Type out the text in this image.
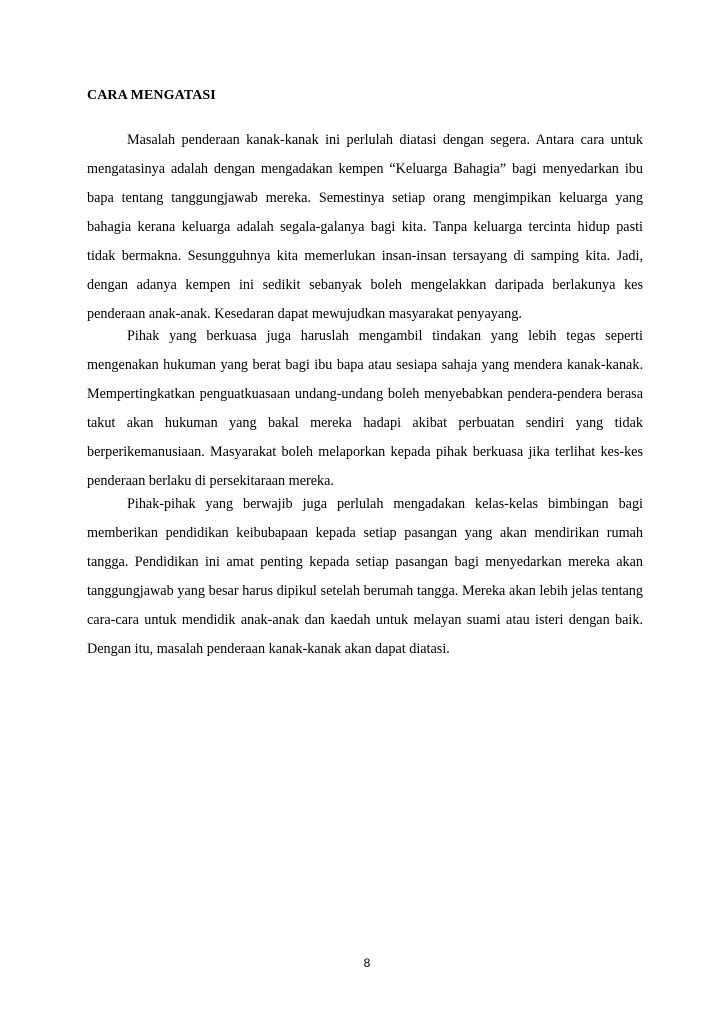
CARA MENGATASI

Masalah penderaan kanak-kanak ini perlulah diatasi dengan segera. Antara cara untuk mengatasinya adalah dengan mengadakan kempen “Keluarga Bahagia” bagi menyedarkan ibu bapa tentang tanggungjawab mereka. Semestinya setiap orang mengimpikan keluarga yang bahagia kerana keluarga adalah segala-galanya bagi kita. Tanpa keluarga tercinta hidup pasti tidak bermakna. Sesungguhnya kita memerlukan insan-insan tersayang di samping kita. Jadi, dengan adanya kempen ini sedikit sebanyak boleh mengelakkan daripada berlakunya kes penderaan anak-anak. Kesedaran dapat mewujudkan masyarakat penyayang.

Pihak yang berkuasa juga haruslah mengambil tindakan yang lebih tegas seperti mengenakan hukuman yang berat bagi ibu bapa atau sesiapa sahaja yang mendera kanak-kanak. Mempertingkatkan penguatkuasaan undang-undang boleh menyebabkan pendera-pendera berasa takut akan hukuman yang bakal mereka hadapi akibat perbuatan sendiri yang tidak berperikemanusiaan. Masyarakat boleh melaporkan kepada pihak berkuasa jika terlihat kes-kes penderaan berlaku di persekitaraan mereka.

Pihak-pihak yang berwajib juga perlulah mengadakan kelas-kelas bimbingan bagi memberikan pendidikan keibubapaan kepada setiap pasangan yang akan mendirikan rumah tangga. Pendidikan ini amat penting kepada setiap pasangan bagi menyedarkan mereka akan tanggungjawab yang besar harus dipikul setelah berumah tangga. Mereka akan lebih jelas tentang cara-cara untuk mendidik anak-anak dan kaedah untuk melayan suami atau isteri dengan baik. Dengan itu, masalah penderaan kanak-kanak akan dapat diatasi.

8
